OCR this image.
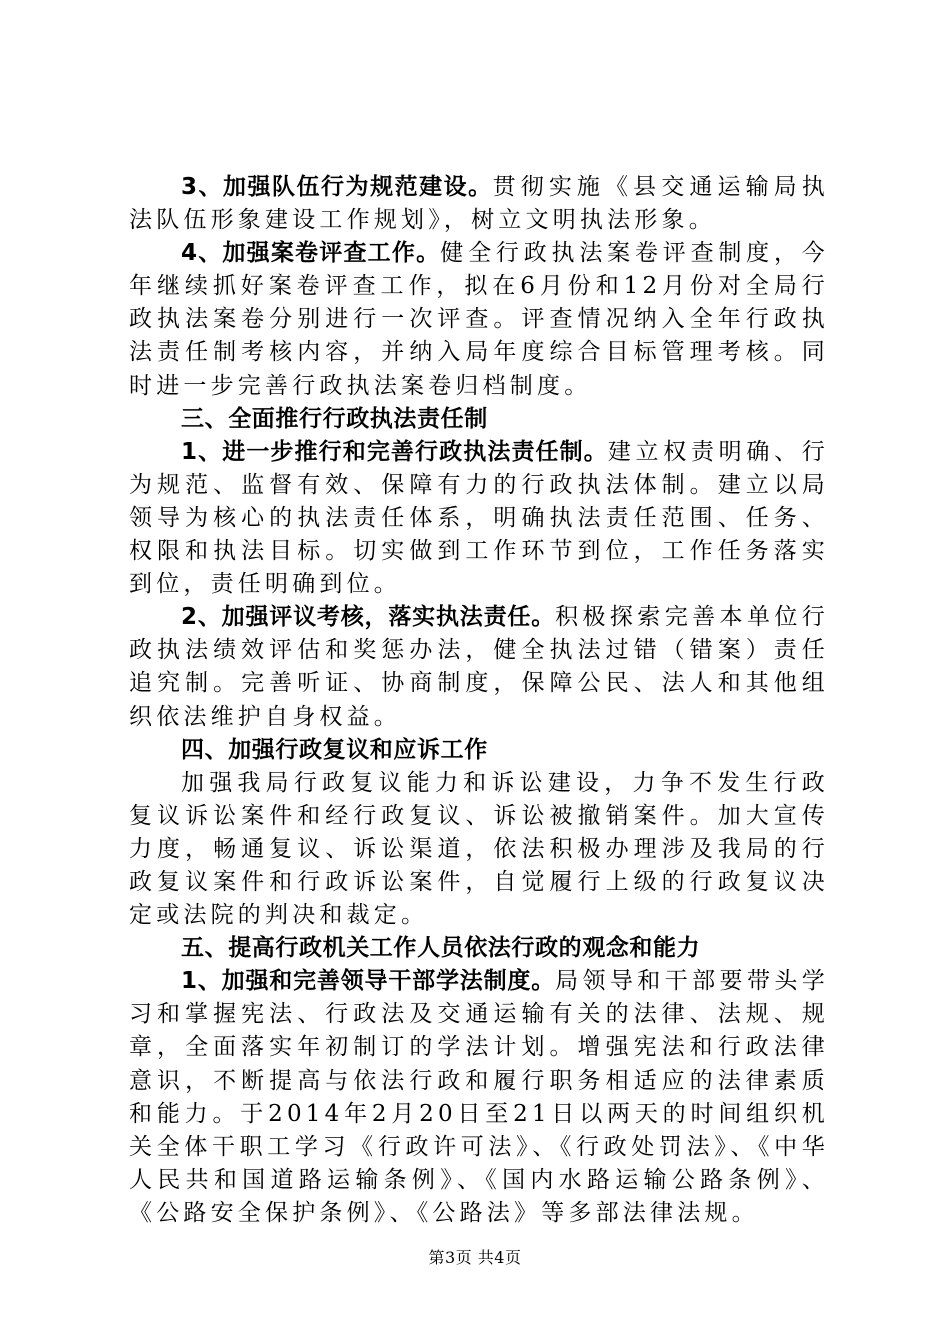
3、加强队伍行为规范建设。贯彻实施《县交通运输局执法队伍形象建设工作规划》，树立文明执法形象。

4、加强案卷评查工作。健全行政执法案卷评查制度，今年继续抓好案卷评查工作，拟在6月份和12月份对全局行政执法案卷分别进行一次评查。评查情况纳入全年行政执法责任制考核内容，并纳入局年度综合目标管理考核。同时进一步完善行政执法案卷归档制度。

三、全面推行行政执法责任制

1、进一步推行和完善行政执法责任制。建立权责明确、行为规范、监督有效、保障有力的行政执法体制。建立以局领导为核心的执法责任体系，明确执法责任范围、任务、权限和执法目标。切实做到工作环节到位，工作任务落实到位，责任明确到位。

2、加强评议考核，落实执法责任。积极探索完善本单位行政执法绩效评估和奖惩办法，健全执法过错（错案）责任追究制。完善听证、协商制度，保障公民、法人和其他组织依法维护自身权益。

四、加强行政复议和应诉工作

加强我局行政复议能力和诉讼建设，力争不发生行政复议诉讼案件和经行政复议、诉讼被撤销案件。加大宣传力度，畅通复议、诉讼渠道，依法积极办理涉及我局的行政复议案件和行政诉讼案件，自觉履行上级的行政复议决定或法院的判决和裁定。

五、提高行政机关工作人员依法行政的观念和能力

1、加强和完善领导干部学法制度。局领导和干部要带头学习和掌握宪法、行政法及交通运输有关的法律、法规、规章，全面落实年初制订的学法计划。增强宪法和行政法律意识，不断提高与依法行政和履行职务相适应的法律素质和能力。于2014年2月20日至21日以两天的时间组织机关全体干职工学习《行政许可法》、《行政处罚法》、《中华人民共和国道路运输条例》、《国内水路运输公路条例》、《公路安全保护条例》、《公路法》等多部法律法规。

第3页 共4页
